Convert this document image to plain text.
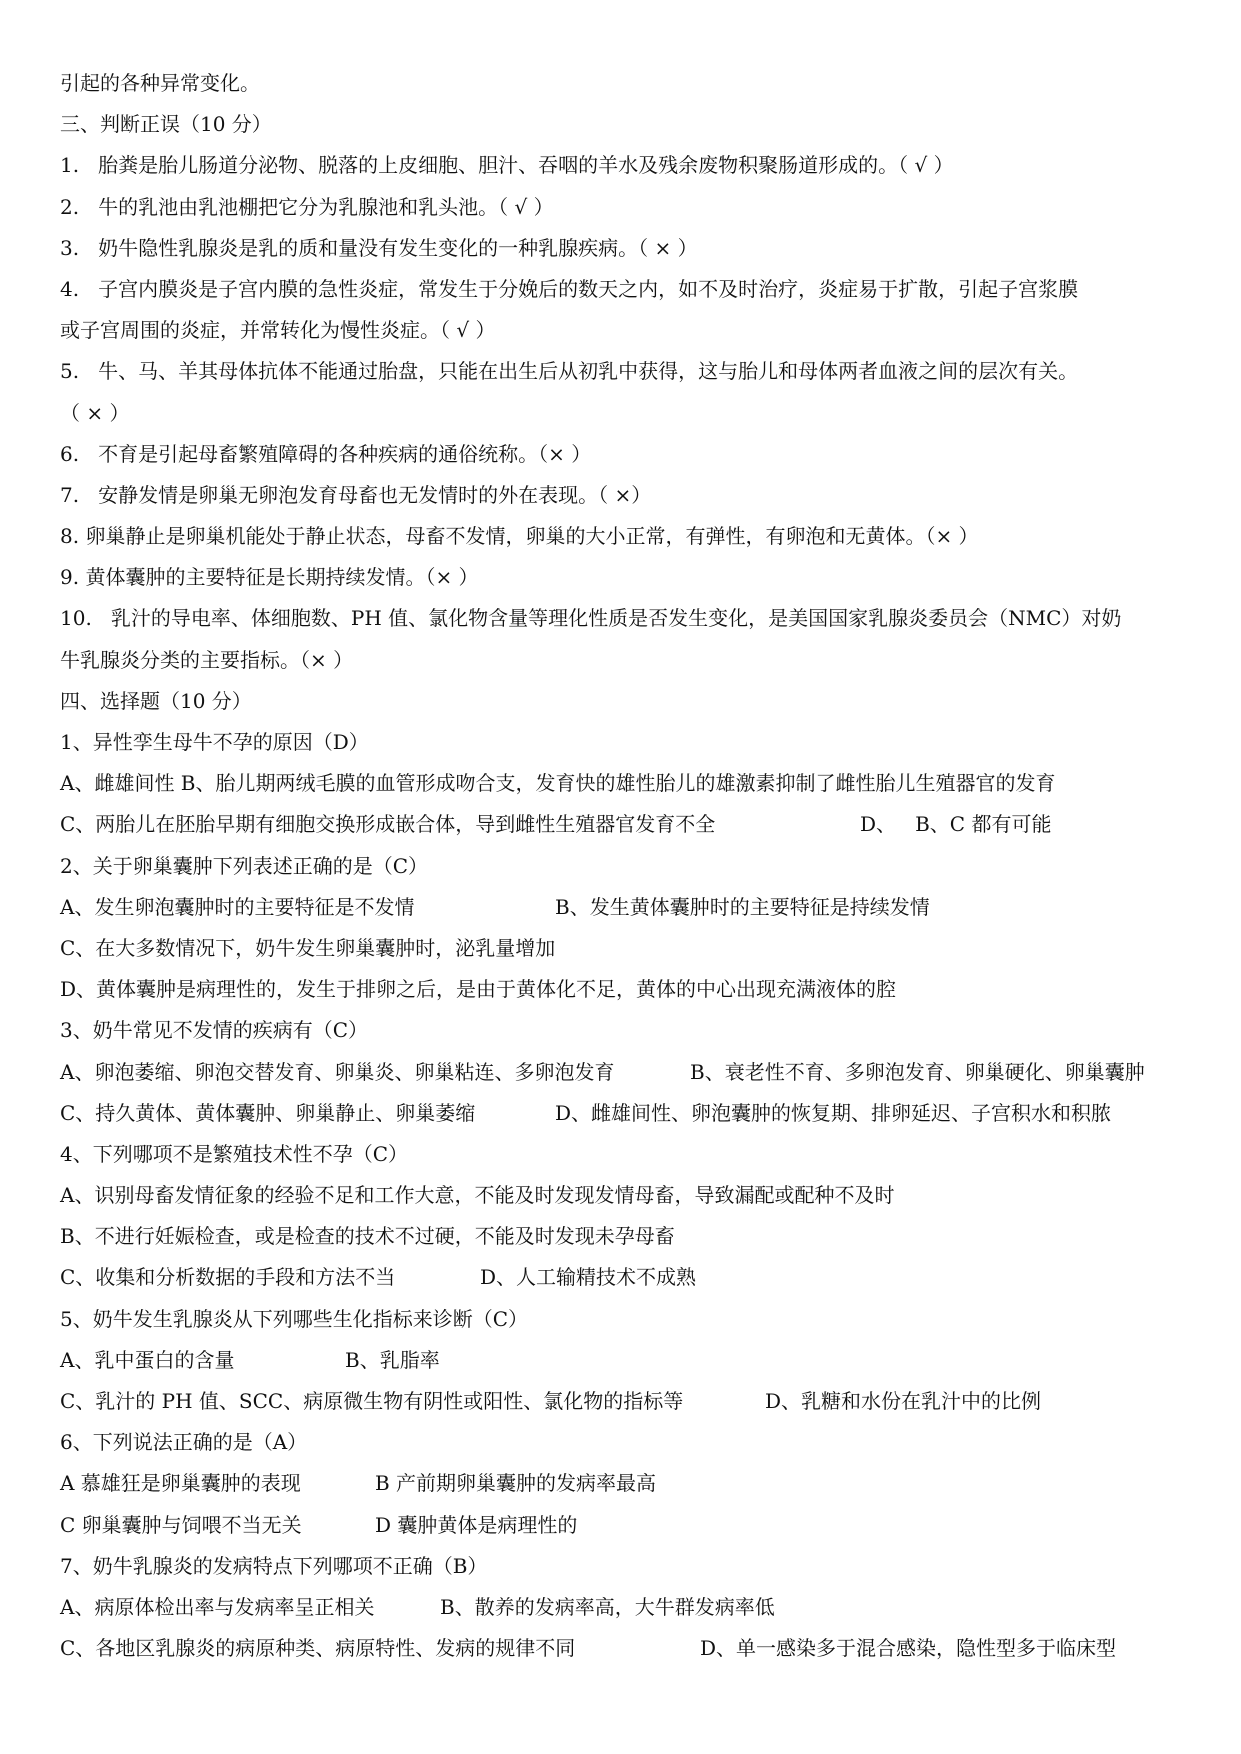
引起的各种异常变化。
三、判断正误（10 分）
1.   胎粪是胎儿肠道分泌物、脱落的上皮细胞、胆汁、吞咽的羊水及残余废物积聚肠道形成的。（ √ ）
2.   牛的乳池由乳池棚把它分为乳腺池和乳头池。（ √ ）
3.   奶牛隐性乳腺炎是乳的质和量没有发生变化的一种乳腺疾病。（ × ）
4.   子宫内膜炎是子宫内膜的急性炎症，常发生于分娩后的数天之内，如不及时治疗，炎症易于扩散，引起子宫浆膜
或子宫周围的炎症，并常转化为慢性炎症。（ √ ）
5.   牛、马、羊其母体抗体不能通过胎盘，只能在出生后从初乳中获得，这与胎儿和母体两者血液之间的层次有关。
（ × ）
6.   不育是引起母畜繁殖障碍的各种疾病的通俗统称。（× ）
7.   安静发情是卵巢无卵泡发育母畜也无发情时的外在表现。（ ×）
8. 卵巢静止是卵巢机能处于静止状态，母畜不发情，卵巢的大小正常，有弹性，有卵泡和无黄体。（× ）
9. 黄体囊肿的主要特征是长期持续发情。（× ）
10.   乳汁的导电率、体细胞数、PH 值、氯化物含量等理化性质是否发生变化，是美国国家乳腺炎委员会（NMC）对奶
牛乳腺炎分类的主要指标。（× ）
四、选择题（10 分）
1、异性孪生母牛不孕的原因（D）
A、雌雄间性 B、胎儿期两绒毛膜的血管形成吻合支，发育快的雄性胎儿的雄激素抑制了雌性胎儿生殖器官的发育
C、两胎儿在胚胎早期有细胞交换形成嵌合体，导到雌性生殖器官发育不全	D、   B、C 都有可能
2、关于卵巢囊肿下列表述正确的是（C）
A、发生卵泡囊肿时的主要特征是不发情	B、发生黄体囊肿时的主要特征是持续发情
C、在大多数情况下，奶牛发生卵巢囊肿时，泌乳量增加
D、黄体囊肿是病理性的，发生于排卵之后，是由于黄体化不足，黄体的中心出现充满液体的腔
3、奶牛常见不发情的疾病有（C）
A、卵泡萎缩、卵泡交替发育、卵巢炎、卵巢粘连、多卵泡发育	B、衰老性不育、多卵泡发育、卵巢硬化、卵巢囊肿
C、持久黄体、黄体囊肿、卵巢静止、卵巢萎缩	D、雌雄间性、卵泡囊肿的恢复期、排卵延迟、子宫积水和积脓
4、下列哪项不是繁殖技术性不孕（C）
A、识别母畜发情征象的经验不足和工作大意，不能及时发现发情母畜，导致漏配或配种不及时
B、不进行妊娠检查，或是检查的技术不过硬，不能及时发现未孕母畜
C、收集和分析数据的手段和方法不当	D、人工输精技术不成熟
5、奶牛发生乳腺炎从下列哪些生化指标来诊断（C）
A、乳中蛋白的含量	B、乳脂率
C、乳汁的 PH 值、SCC、病原微生物有阴性或阳性、氯化物的指标等	D、乳糖和水份在乳汁中的比例
6、下列说法正确的是（A）
A 慕雄狂是卵巢囊肿的表现	B 产前期卵巢囊肿的发病率最高
C 卵巢囊肿与饲喂不当无关	D 囊肿黄体是病理性的
7、奶牛乳腺炎的发病特点下列哪项不正确（B）
A、病原体检出率与发病率呈正相关	B、散养的发病率高，大牛群发病率低
C、各地区乳腺炎的病原种类、病原特性、发病的规律不同	D、单一感染多于混合感染，隐性型多于临床型
